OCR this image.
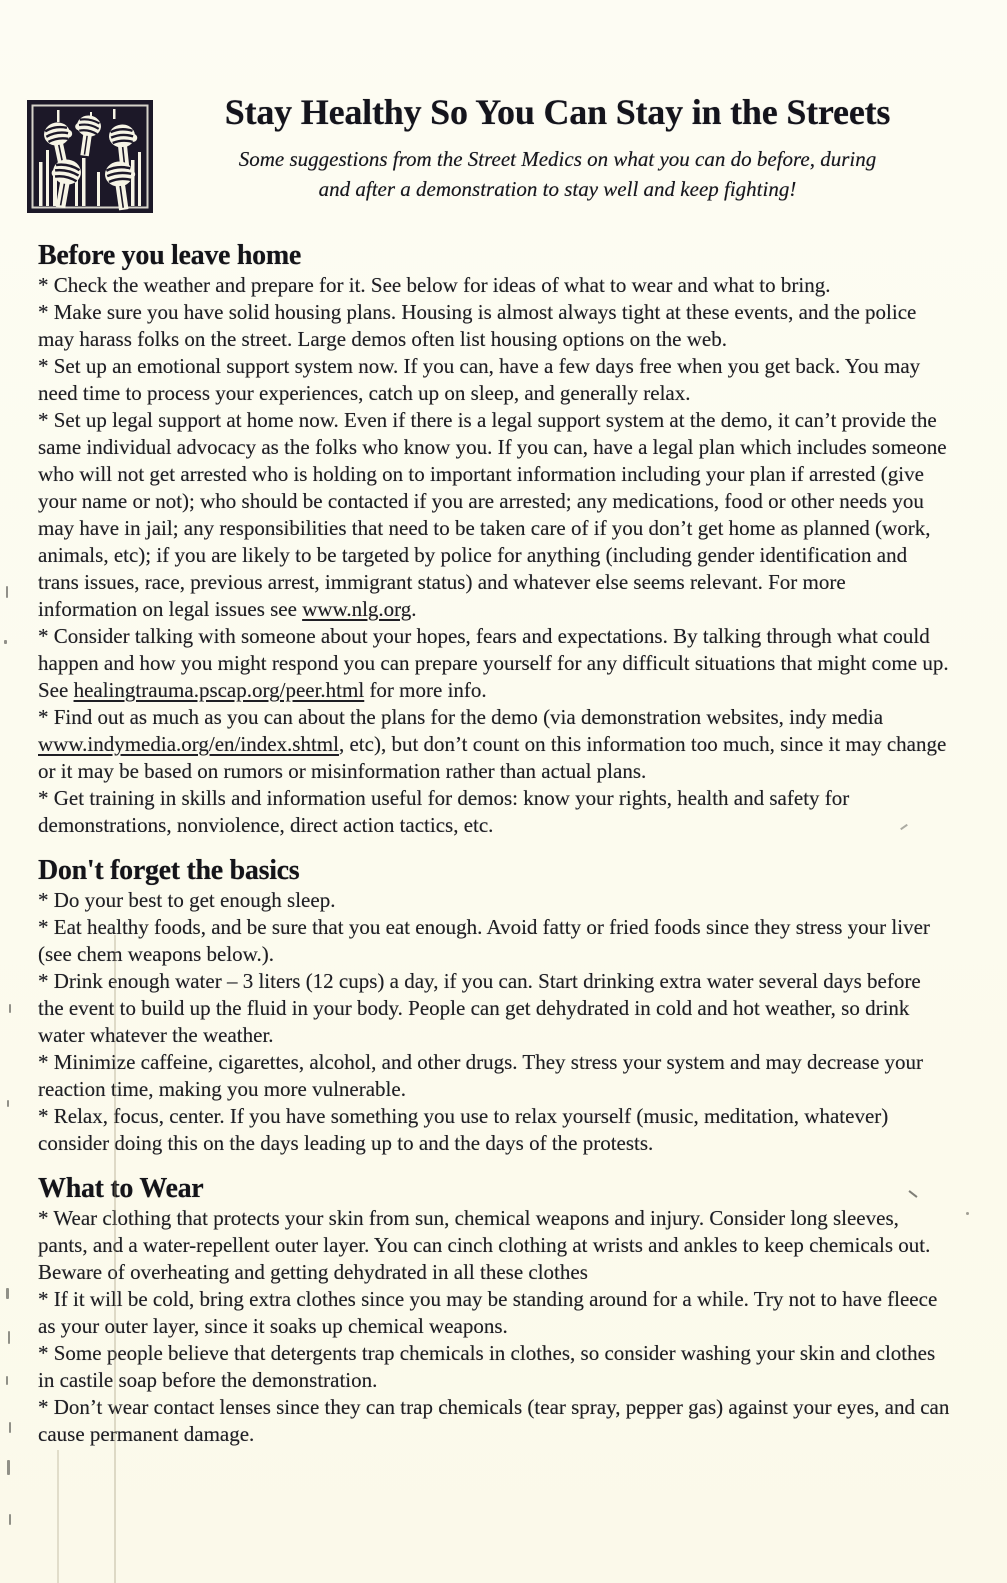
Stay Healthy So You Can Stay in the Streets

Some suggestions from the Street Medics on what you can do before, during
and after a demonstration to stay well and keep fighting!

Before you leave home

* Check the weather and prepare for it. See below for ideas of what to wear and what to bring.

* Make sure you have solid housing plans. Housing is almost always tight at these events, and the police may harass folks on the street. Large demos often list housing options on the web.

* Set up an emotional support system now. If you can, have a few days free when you get back. You may need time to process your experiences, catch up on sleep, and generally relax.

* Set up legal support at home now. Even if there is a legal support system at the demo, it can’t provide the same individual advocacy as the folks who know you. If you can, have a legal plan which includes someone who will not get arrested who is holding on to important information including your plan if arrested (give your name or not); who should be contacted if you are arrested; any medications, food or other needs you may have in jail; any responsibilities that need to be taken care of if you don’t get home as planned (work, animals, etc); if you are likely to be targeted by police for anything (including gender identification and trans issues, race, previous arrest, immigrant status) and whatever else seems relevant. For more information on legal issues see www.nlg.org.

* Consider talking with someone about your hopes, fears and expectations. By talking through what could happen and how you might respond you can prepare yourself for any difficult situations that might come up. See healingtrauma.pscap.org/peer.html for more info.

* Find out as much as you can about the plans for the demo (via demonstration websites, indy media www.indymedia.org/en/index.shtml, etc), but don’t count on this information too much, since it may change or it may be based on rumors or misinformation rather than actual plans.

* Get training in skills and information useful for demos: know your rights, health and safety for demonstrations, nonviolence, direct action tactics, etc.

Don't forget the basics

* Do your best to get enough sleep.

* Eat healthy foods, and be sure that you eat enough. Avoid fatty or fried foods since they stress your liver (see chem weapons below.).

* Drink enough water – 3 liters (12 cups) a day, if you can. Start drinking extra water several days before the event to build up the fluid in your body. People can get dehydrated in cold and hot weather, so drink water whatever the weather.

* Minimize caffeine, cigarettes, alcohol, and other drugs. They stress your system and may decrease your reaction time, making you more vulnerable.

* Relax, focus, center. If you have something you use to relax yourself (music, meditation, whatever) consider doing this on the days leading up to and the days of the protests.

What to Wear

* Wear clothing that protects your skin from sun, chemical weapons and injury. Consider long sleeves, pants, and a water-repellent outer layer. You can cinch clothing at wrists and ankles to keep chemicals out. Beware of overheating and getting dehydrated in all these clothes

* If it will be cold, bring extra clothes since you may be standing around for a while. Try not to have fleece as your outer layer, since it soaks up chemical weapons.

* Some people believe that detergents trap chemicals in clothes, so consider washing your skin and clothes in castile soap before the demonstration.

* Don’t wear contact lenses since they can trap chemicals (tear spray, pepper gas) against your eyes, and can cause permanent damage.
